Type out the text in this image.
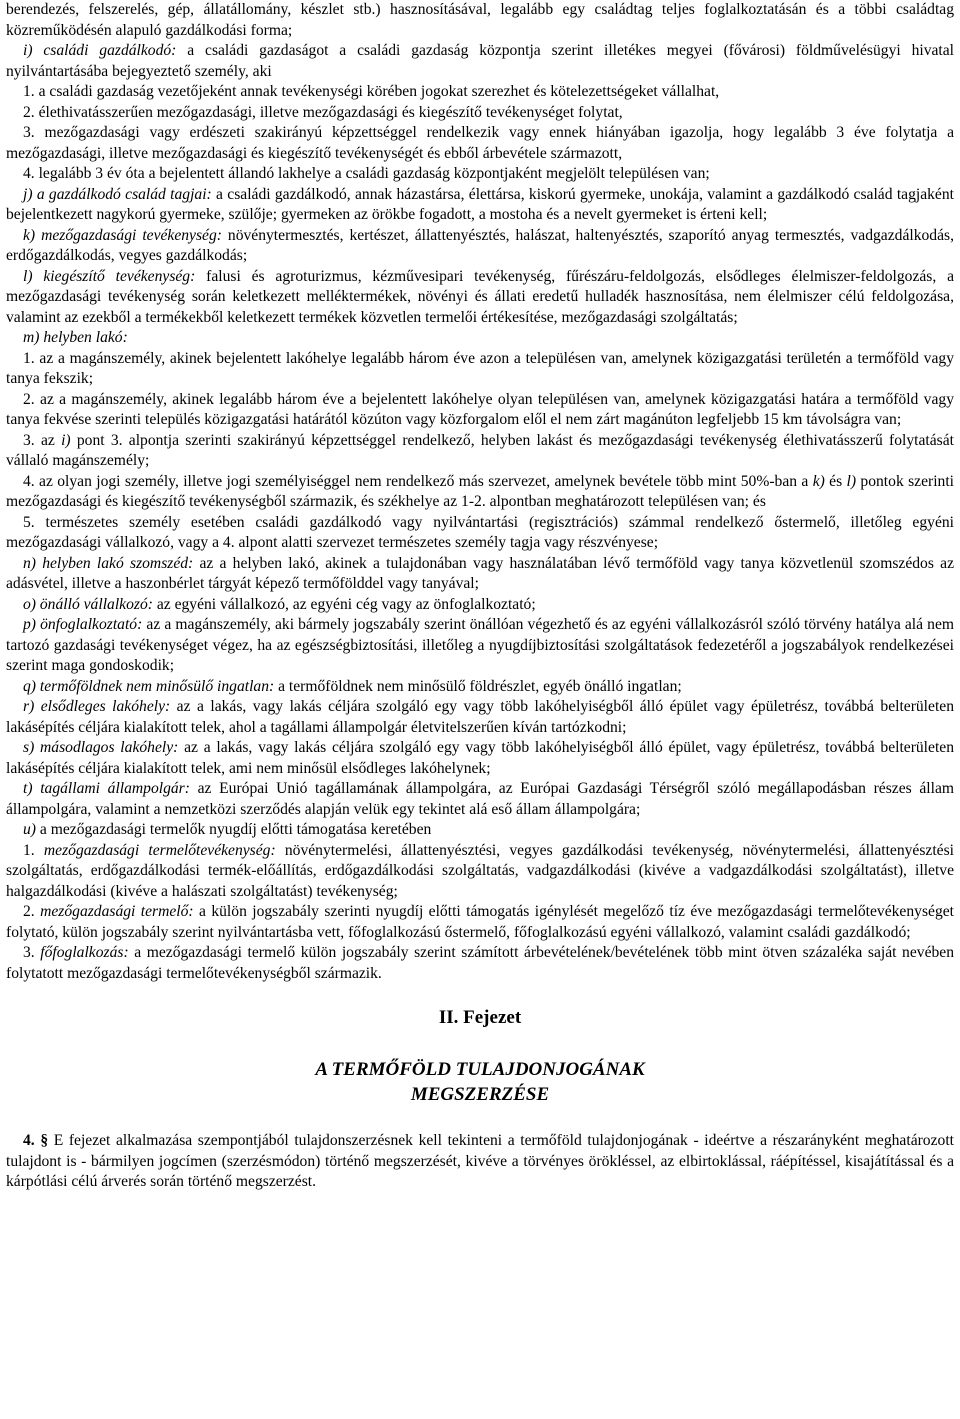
berendezés, felszerelés, gép, állatállomány, készlet stb.) hasznosításával, legalább egy családtag teljes foglalkoztatásán és a többi családtag közreműködésén alapuló gazdálkodási forma;

i) családi gazdálkodó: a családi gazdaságot a családi gazdaság központja szerint illetékes megyei (fővárosi) földművelésügyi hivatal nyilvántartásába bejegyeztető személy, aki

1. a családi gazdaság vezetőjeként annak tevékenységi körében jogokat szerezhet és kötelezettségeket vállalhat,

2. élethivatásszerűen mezőgazdasági, illetve mezőgazdasági és kiegészítő tevékenységet folytat,

3. mezőgazdasági vagy erdészeti szakirányú képzettséggel rendelkezik vagy ennek hiányában igazolja, hogy legalább 3 éve folytatja a mezőgazdasági, illetve mezőgazdasági és kiegészítő tevékenységét és ebből árbevétele származott,

4. legalább 3 év óta a bejelentett állandó lakhelye a családi gazdaság központjaként megjelölt településen van;

j) a gazdálkodó család tagjai: a családi gazdálkodó, annak házastársa, élettársa, kiskorú gyermeke, unokája, valamint a gazdálkodó család tagjaként bejelentkezett nagykorú gyermeke, szülője; gyermeken az örökbe fogadott, a mostoha és a nevelt gyermeket is érteni kell;

k) mezőgazdasági tevékenység: növénytermesztés, kertészet, állattenyésztés, halászat, haltenyésztés, szaporító anyag termesztés, vadgazdálkodás, erdőgazdálkodás, vegyes gazdálkodás;

l) kiegészítő tevékenység: falusi és agroturizmus, kézművesipari tevékenység, fűrészáru-feldolgozás, elsődleges élelmiszer-feldolgozás, a mezőgazdasági tevékenység során keletkezett melléktermékek, növényi és állati eredetű hulladék hasznosítása, nem élelmiszer célú feldolgozása, valamint az ezekből a termékekből keletkezett termékek közvetlen termelői értékesítése, mezőgazdasági szolgáltatás;

m) helyben lakó:

1. az a magánszemély, akinek bejelentett lakóhelye legalább három éve azon a településen van, amelynek közigazgatási területén a termőföld vagy tanya fekszik;

2. az a magánszemély, akinek legalább három éve a bejelentett lakóhelye olyan településen van, amelynek közigazgatási határa a termőföld vagy tanya fekvése szerinti település közigazgatási határától közúton vagy közforgalom elől el nem zárt magánúton legfeljebb 15 km távolságra van;

3. az i) pont 3. alpontja szerinti szakirányú képzettséggel rendelkező, helyben lakást és mezőgazdasági tevékenység élethivatásszerű folytatását vállaló magánszemély;

4. az olyan jogi személy, illetve jogi személyiséggel nem rendelkező más szervezet, amelynek bevétele több mint 50%-ban a k) és l) pontok szerinti mezőgazdasági és kiegészítő tevékenységből származik, és székhelye az 1-2. alpontban meghatározott településen van; és

5. természetes személy esetében családi gazdálkodó vagy nyilvántartási (regisztrációs) számmal rendelkező őstermelő, illetőleg egyéni mezőgazdasági vállalkozó, vagy a 4. alpont alatti szervezet természetes személy tagja vagy részvényese;

n) helyben lakó szomszéd: az a helyben lakó, akinek a tulajdonában vagy használatában lévő termőföld vagy tanya közvetlenül szomszédos az adásvétel, illetve a haszonbérlet tárgyát képező termőfölddel vagy tanyával;

o) önálló vállalkozó: az egyéni vállalkozó, az egyéni cég vagy az önfoglalkoztató;

p) önfoglalkoztató: az a magánszemély, aki bármely jogszabály szerint önállóan végezhető és az egyéni vállalkozásról szóló törvény hatálya alá nem tartozó gazdasági tevékenységet végez, ha az egészségbiztosítási, illetőleg a nyugdíjbiztosítási szolgáltatások fedezetéről a jogszabályok rendelkezései szerint maga gondoskodik;

q) termőföldnek nem minősülő ingatlan: a termőföldnek nem minősülő földrészlet, egyéb önálló ingatlan;

r) elsődleges lakóhely: az a lakás, vagy lakás céljára szolgáló egy vagy több lakóhelyiségből álló épület vagy épületrész, továbbá belterületen lakásépítés céljára kialakított telek, ahol a tagállami állampolgár életvitelszerűen kíván tartózkodni;

s) másodlagos lakóhely: az a lakás, vagy lakás céljára szolgáló egy vagy több lakóhelyiségből álló épület, vagy épületrész, továbbá belterületen lakásépítés céljára kialakított telek, ami nem minősül elsődleges lakóhelynek;

t) tagállami állampolgár: az Európai Unió tagállamának állampolgára, az Európai Gazdasági Térségről szóló megállapodásban részes állam állampolgára, valamint a nemzetközi szerződés alapján velük egy tekintet alá eső állam állampolgára;

u) a mezőgazdasági termelők nyugdíj előtti támogatása keretében

1. mezőgazdasági termelőtevékenység: növénytermelési, állattenyésztési, vegyes gazdálkodási tevékenység, növénytermelési, állattenyésztési szolgáltatás, erdőgazdálkodási termék-előállítás, erdőgazdálkodási szolgáltatás, vadgazdálkodási (kivéve a vadgazdálkodási szolgáltatást), illetve halgazdálkodási (kivéve a halászati szolgáltatást) tevékenység;

2. mezőgazdasági termelő: a külön jogszabály szerinti nyugdíj előtti támogatás igénylését megelőző tíz éve mezőgazdasági termelőtevékenységet folytató, külön jogszabály szerint nyilvántartásba vett, főfoglalkozású őstermelő, főfoglalkozású egyéni vállalkozó, valamint családi gazdálkodó;

3. főfoglalkozás: a mezőgazdasági termelő külön jogszabály szerint számított árbevételének/bevételének több mint ötven százaléka saját nevében folytatott mezőgazdasági termelőtevékenységből származik.

II. Fejezet
A TERMŐFÖLD TULAJDONJOGÁNAK
MEGSZERZÉSE

4. § E fejezet alkalmazása szempontjából tulajdonszerzésnek kell tekinteni a termőföld tulajdonjogának - ideértve a részarányként meghatározott tulajdont is - bármilyen jogcímen (szerzésmódon) történő megszerzését, kivéve a törvényes örökléssel, az elbirtoklással, ráépítéssel, kisajátítással és a kárpótlási célú árverés során történő megszerzést.
